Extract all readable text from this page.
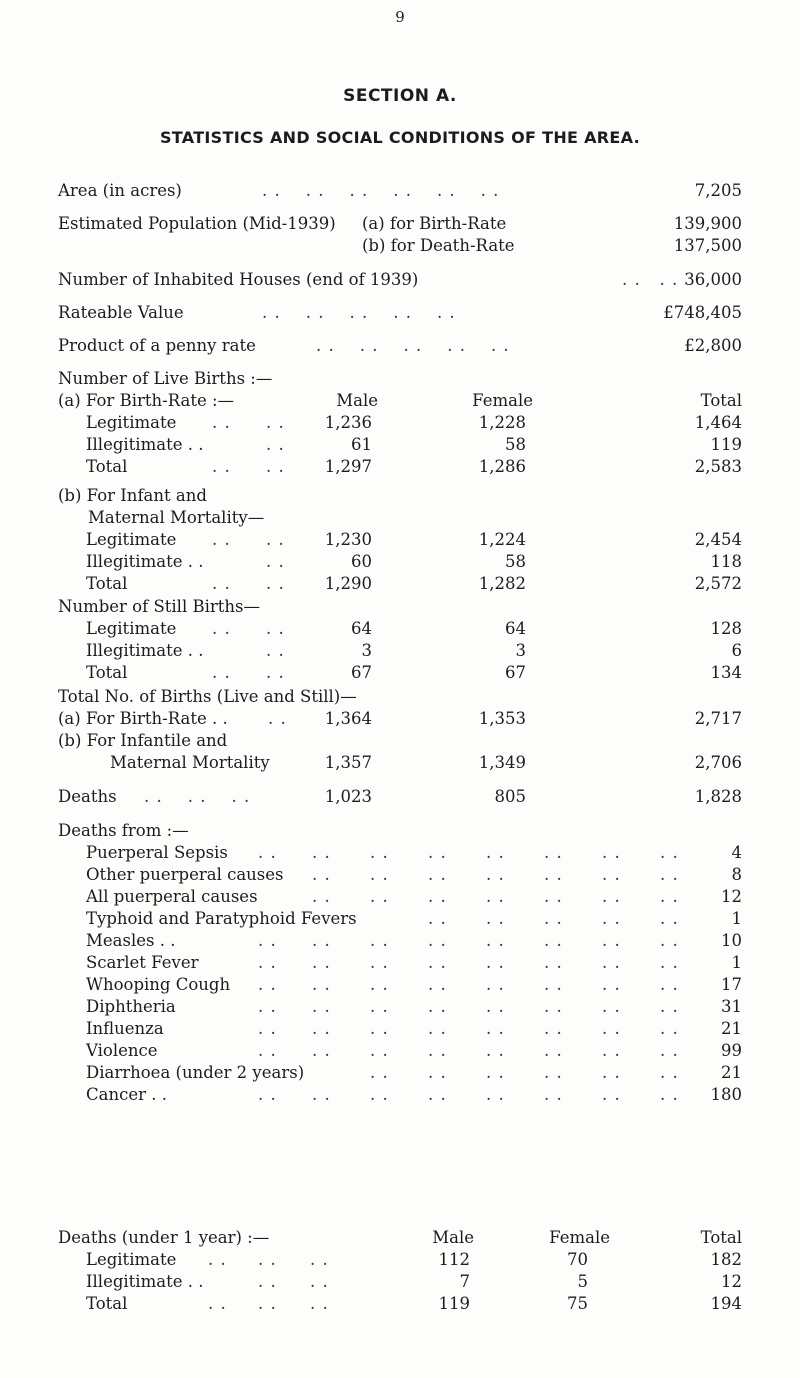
9
SECTION A.
STATISTICS AND SOCIAL CONDITIONS OF THE AREA.
Area (in acres)	. . . . . . . . . . . .	7,205
Estimated Population (Mid-1939) (a) for Birth-Rate	139,900
(b) for Death-Rate	137,500
Number of Inhabited Houses (end of 1939)	. . . . 36,000
Rateable Value	. . . . . . . . . .	£748,405
Product of a penny rate	. . . . . . . . . .	£2,800
Number of Live Births :—
(a) For Birth-Rate :—	Male	Female	Total
Legitimate . . . . 1,236	1,228	1,464
Illegitimate . .	. .	61	58	119
Total	. . . . 1,297	1,286	2,583
(b) For Infant and
Maternal Mortality—
Legitimate . . . . 1,230	1,224	2,454
Illegitimate . .	. .	60	58	118
Total	. . . . 1,290	1,282	2,572
Number of Still Births—
Legitimate . . . .	64	64	128
Illegitimate . .	. .	3	3	6
Total	. . . .	67	67	134
Total No. of Births (Live and Still)—
(a) For Birth-Rate . . . . 1,364	1,353	2,717
(b) For Infantile and
Maternal Mortality	1,357	1,349	2,706
Deaths . . . . . .	1,023	805	1,828
Deaths from :—
Puerperal Sepsis . . . . . . . . . . . . . . . .	4
Other puerperal causes . . . . . . . . . . . . . .	8
All puerperal causes	. . . . . . . . . . . . . .	12
Typhoid and Paratyphoid Fevers	. . . . . . . . . .	1
Measles . .	. . . . . . . . . . . . . . . .	10
Scarlet Fever	. . . . . . . . . . . . . . . .	1
Whooping Cough . . . . . . . . . . . . . . . .	17
Diphtheria	. . . . . . . . . . . . . . . .	31
Influenza	. . . . . . . . . . . . . . . .	21
Violence	. . . . . . . . . . . . . . . .	99
Diarrhoea (under 2 years)	. . . . . . . . . . . .	21
Cancer . .	. . . . . . . . . . . . . . . . 180
Deaths (under 1 year) :—	Male	Female	Total
Legitimate . . . . . .	112	70	182
Illegitimate . .	. . . .	7	5	12
Total	. . . . . .	119	75	194
